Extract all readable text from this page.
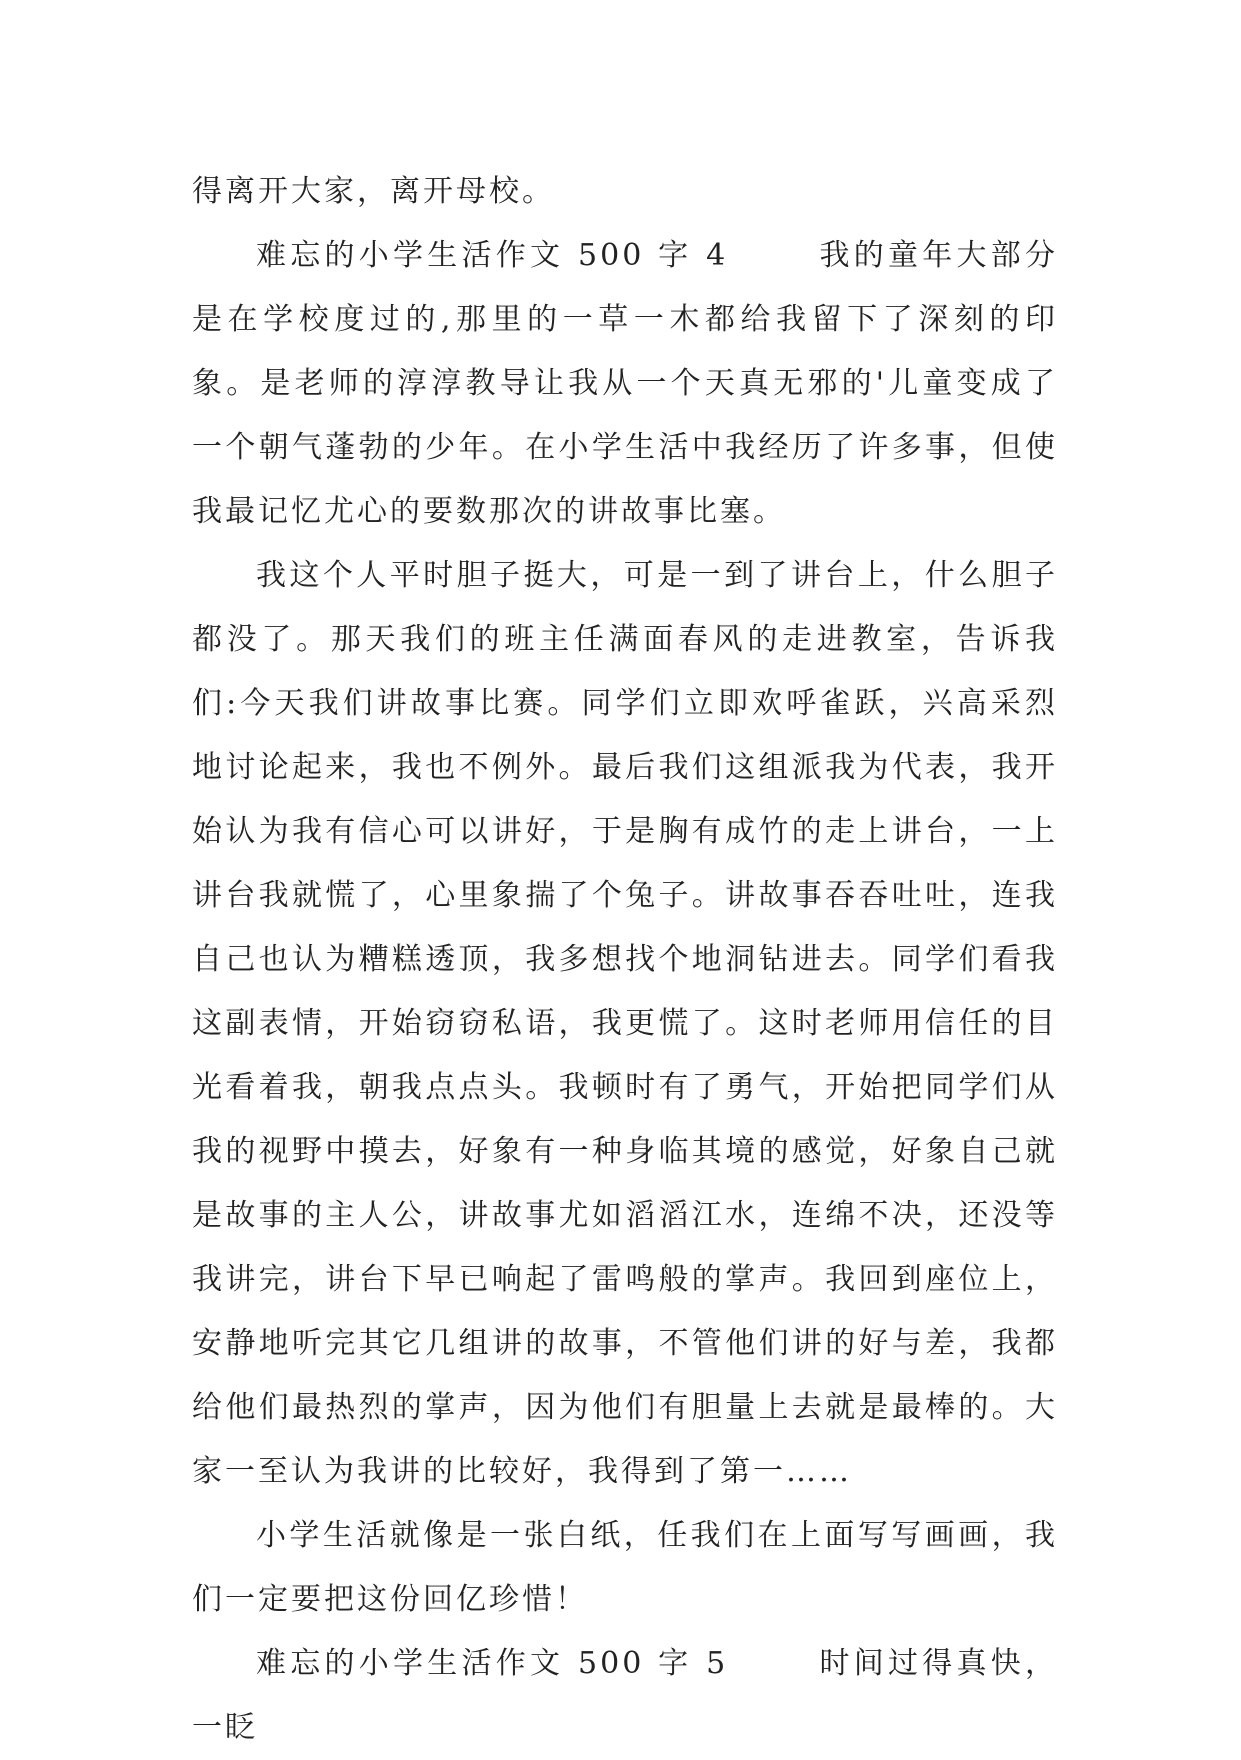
得离开大家，离开母校。

难忘的小学生活作文 500 字 4	我的童年大部分是在学校度过的,那里的一草一木都给我留下了深刻的印象。是老师的淳淳教导让我从一个天真无邪的'儿童变成了一个朝气蓬勃的少年。在小学生活中我经历了许多事，但使我最记忆尤心的要数那次的讲故事比塞。

我这个人平时胆子挺大，可是一到了讲台上，什么胆子都没了。那天我们的班主任满面春风的走进教室，告诉我们:今天我们讲故事比赛。同学们立即欢呼雀跃，兴高采烈地讨论起来，我也不例外。最后我们这组派我为代表，我开始认为我有信心可以讲好，于是胸有成竹的走上讲台，一上讲台我就慌了，心里象揣了个兔子。讲故事吞吞吐吐，连我自己也认为糟糕透顶，我多想找个地洞钻进去。同学们看我这副表情，开始窃窃私语，我更慌了。这时老师用信任的目光看着我，朝我点点头。我顿时有了勇气，开始把同学们从我的视野中摸去，好象有一种身临其境的感觉，好象自己就是故事的主人公，讲故事尤如滔滔江水，连绵不决，还没等我讲完，讲台下早已响起了雷鸣般的掌声。我回到座位上，安静地听完其它几组讲的故事，不管他们讲的好与差，我都给他们最热烈的掌声，因为他们有胆量上去就是最棒的。大家一至认为我讲的比较好，我得到了第一……

小学生活就像是一张白纸，任我们在上面写写画画，我们一定要把这份回亿珍惜！

难忘的小学生活作文 500 字 5	时间过得真快，一眨
